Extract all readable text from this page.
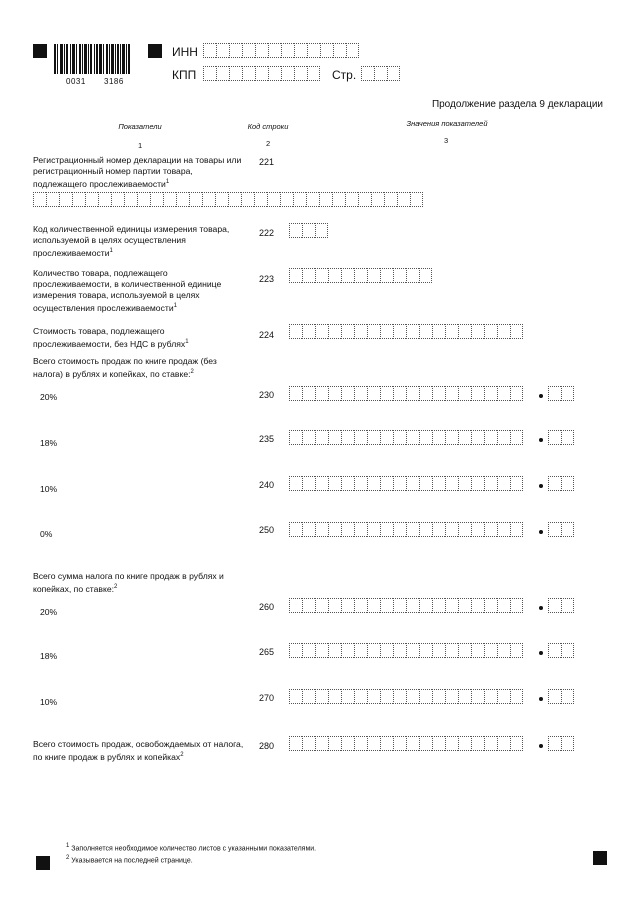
0031 3186
ИНН
КПП	Стр.
Продолжение раздела 9 декларации
Показатели	Код строки	Значения показателей
1	2	3
Регистрационный номер декларации на товары или регистрационный номер партии товара, подлежащего прослеживаемости$^1$
221
Код количественной единицы измерения товара, используемой в целях осуществления прослеживаемости$^1$
222
Количество товара, подлежащего прослеживаемости, в количественной единице измерения товара, используемой в целях осуществления прослеживаемости$^1$
223
Стоимость товара, подлежащего прослеживаемости, без НДС в рублях$^1$
224
Всего стоимость продаж по книге продаж (без налога) в рублях и копейках, по ставке:$^2$
20%	230
18%	235
10%	240
0%	250
Всего сумма налога по книге продаж в рублях и копейках, по ставке:$^2$
20%	260
18%	265
10%	270
Всего стоимость продаж, освобождаемых от налога, по книге продаж в рублях и копейках$^2$
280
$^1$ Заполняется необходимое количество листов с указанными показателями.
$^2$ Указывается на последней странице.
